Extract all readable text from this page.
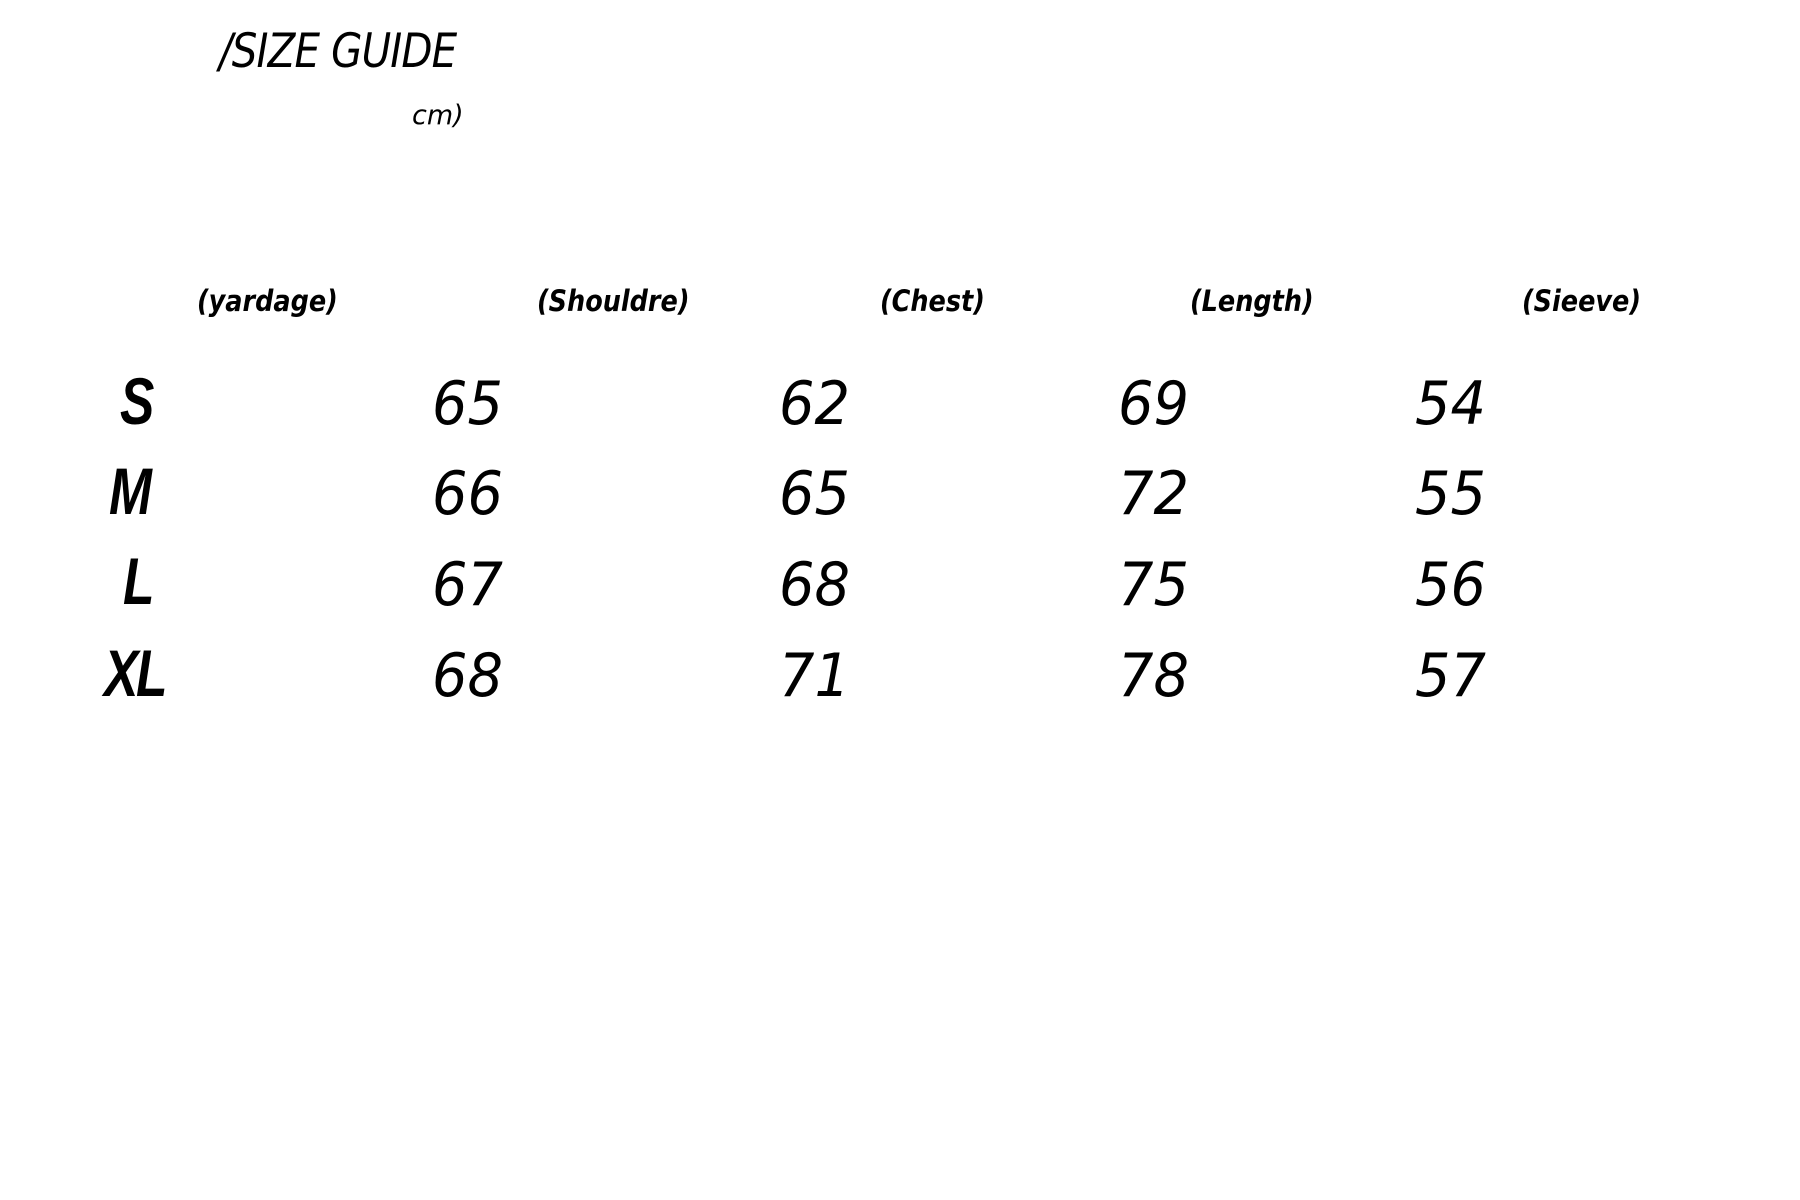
/SIZE GUIDE
cm)
(yardage)	(Shouldre)	(Chest)	(Length)	(Sieeve)
S	65	62	69	54
M	66	65	72	55
L	67	68	75	56
XL	68	71	78	57
